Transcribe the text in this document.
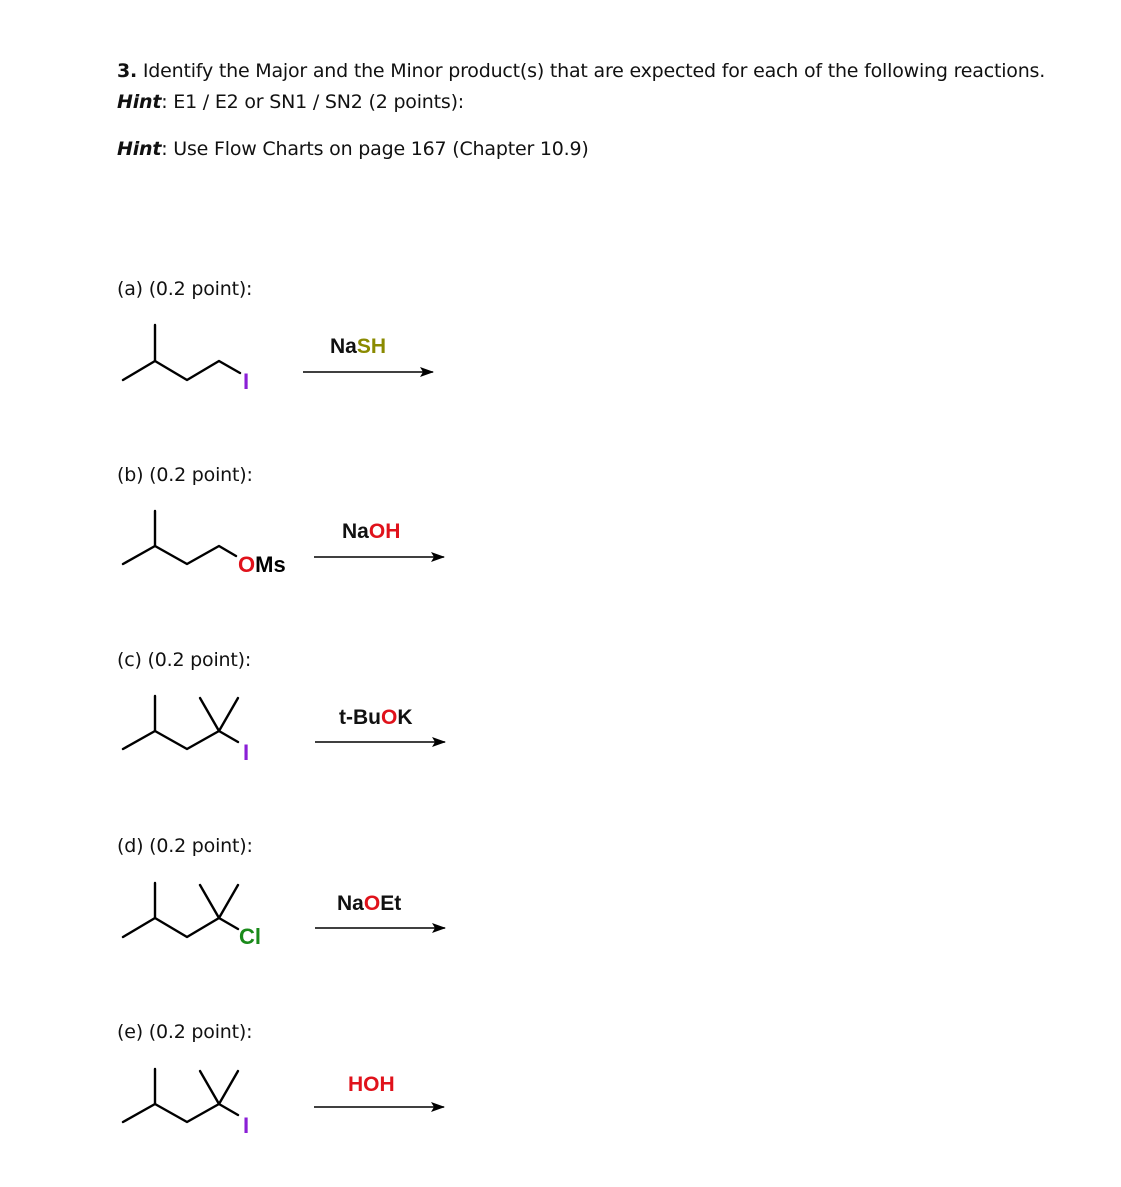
3. Identify the Major and the Minor product(s) that are expected for each of the following reactions.
Hint: E1 / E2 or SN1 / SN2 (2 points):
Hint: Use Flow Charts on page 167 (Chapter 10.9)
(a) (0.2 point):
(b) (0.2 point):
(c) (0.2 point):
(d) (0.2 point):
(e) (0.2 point):
NaSH
NaOH
t-BuOK
NaOEt
HOH
I
OMs
I
Cl
I
